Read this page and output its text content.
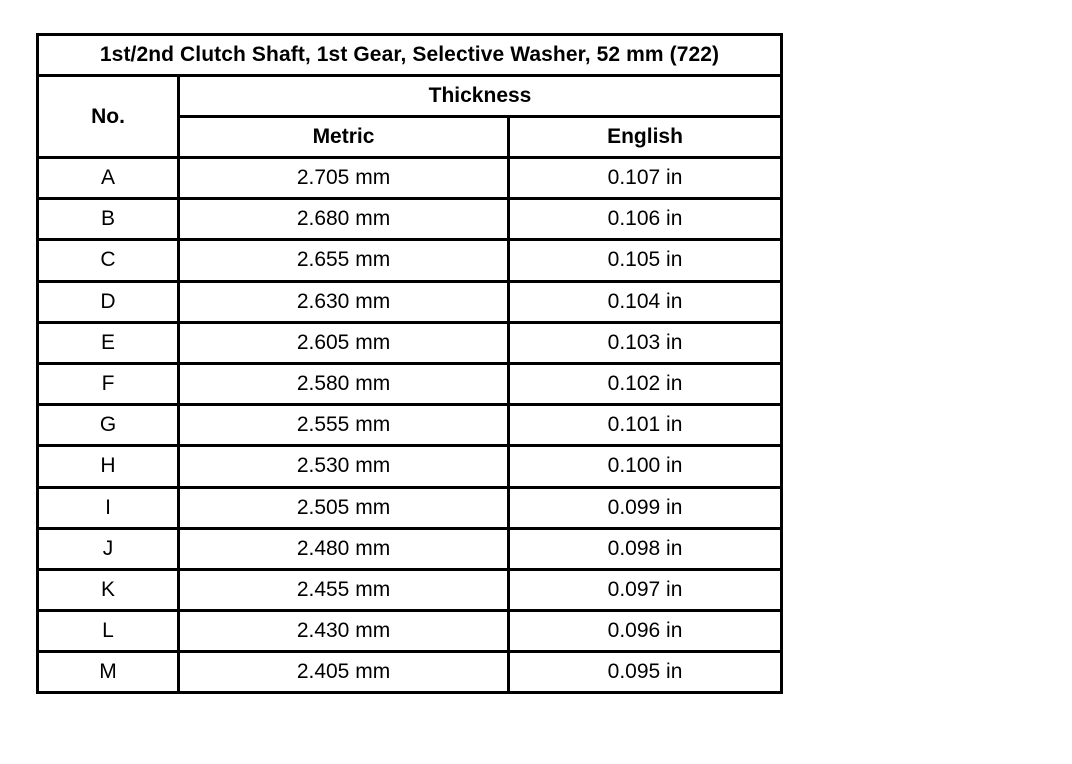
1st/2nd Clutch Shaft, 1st Gear, Selective Washer, 52 mm (722)		
No.	Thickness	
	Metric	English
A	2.705 mm	0.107 in
B	2.680 mm	0.106 in
C	2.655 mm	0.105 in
D	2.630 mm	0.104 in
E	2.605 mm	0.103 in
F	2.580 mm	0.102 in
G	2.555 mm	0.101 in
H	2.530 mm	0.100 in
I	2.505 mm	0.099 in
J	2.480 mm	0.098 in
K	2.455 mm	0.097 in
L	2.430 mm	0.096 in
M	2.405 mm	0.095 in
